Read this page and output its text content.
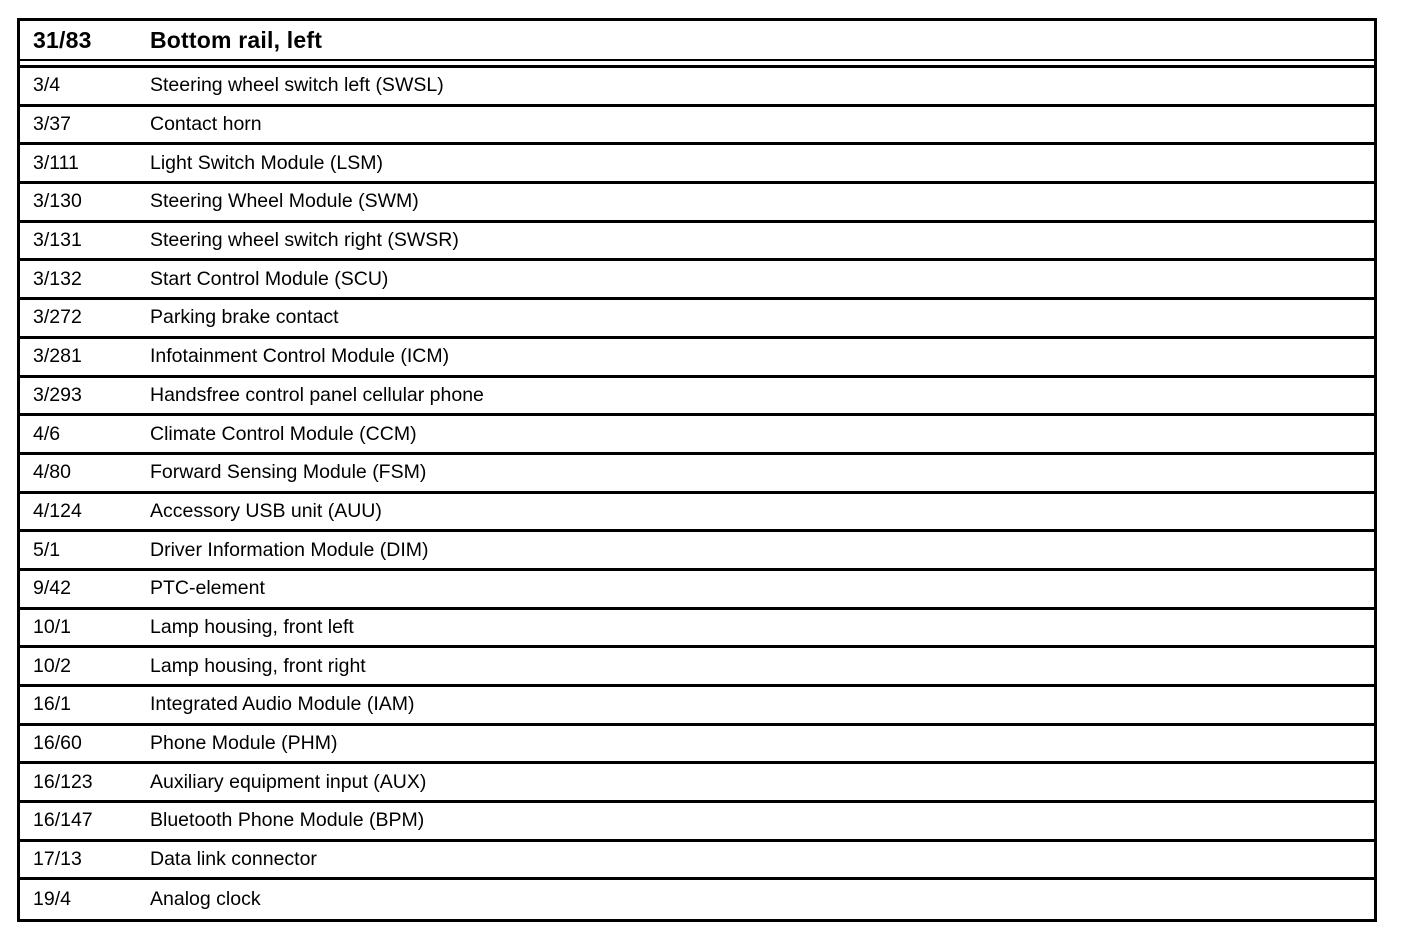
31/83	Bottom rail, left
3/4	Steering wheel switch left (SWSL)
3/37	Contact horn
3/111	Light Switch Module (LSM)
3/130	Steering Wheel Module (SWM)
3/131	Steering wheel switch right (SWSR)
3/132	Start Control Module (SCU)
3/272	Parking brake contact
3/281	Infotainment Control Module (ICM)
3/293	Handsfree control panel cellular phone
4/6	Climate Control Module (CCM)
4/80	Forward Sensing Module (FSM)
4/124	Accessory USB unit (AUU)
5/1	Driver Information Module (DIM)
9/42	PTC-element
10/1	Lamp housing, front left
10/2	Lamp housing, front right
16/1	Integrated Audio Module (IAM)
16/60	Phone Module (PHM)
16/123	Auxiliary equipment input (AUX)
16/147	Bluetooth Phone Module (BPM)
17/13	Data link connector
19/4	Analog clock
